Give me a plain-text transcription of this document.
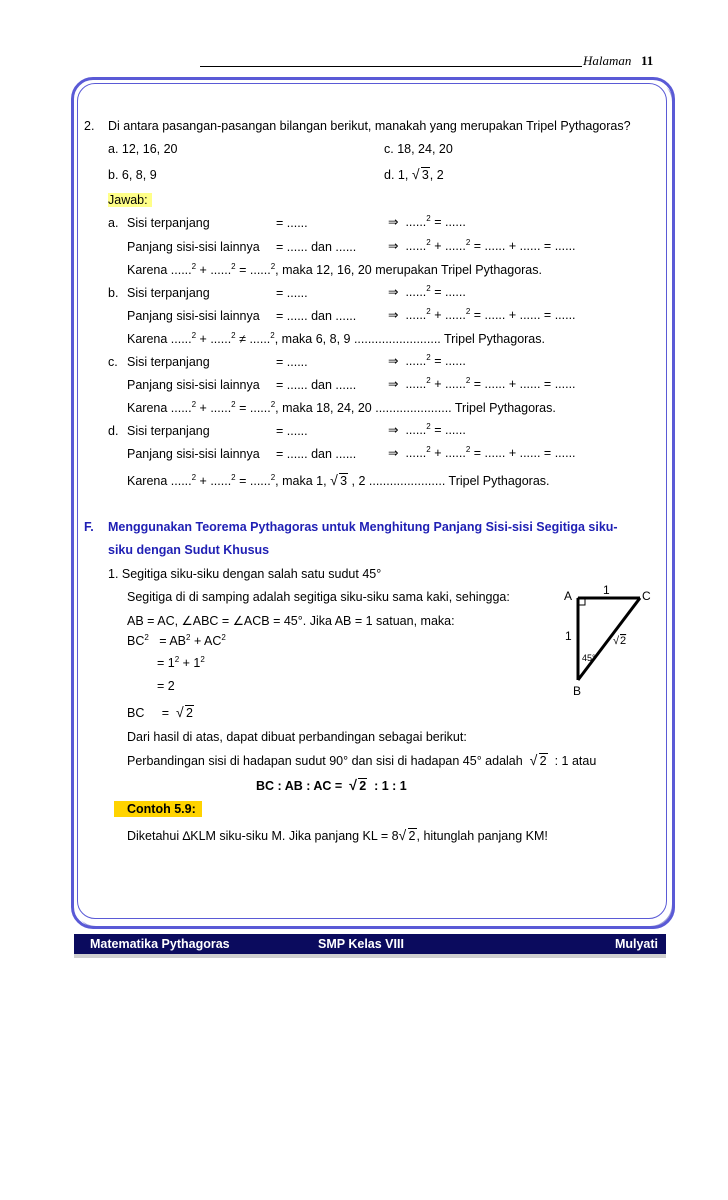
Halaman 11
2. Di antara pasangan-pasangan bilangan berikut, manakah yang merupakan Tripel Pythagoras?
a. 12, 16, 20	c. 18, 24, 20
b. 6, 8, 9	d. 1, √ 3, 2
Jawab:
a. Sisi terpanjang	= ......	⇒ ......$^2$ = ......
Panjang sisi-sisi lainnya = ...... dan ......	⇒ ......$^2$ + ......$^2$ = ...... + ...... = ......
Karena ......$^2$ + ......$^2$ = ......$^2$, maka 12, 16, 20 merupakan Tripel Pythagoras.
b. Sisi terpanjang	= ......	⇒ ......$^2$ = ......
Panjang sisi-sisi lainnya = ...... dan ......	⇒ ......$^2$ + ......$^2$ = ...... + ...... = ......
Karena ......$^2$ + ......$^2$ ≠ ......$^2$, maka 6, 8, 9 ......................... Tripel Pythagoras.
c. Sisi terpanjang	= ......	⇒ ......$^2$ = ......
Panjang sisi-sisi lainnya = ...... dan ......	⇒ ......$^2$ + ......$^2$ = ...... + ...... = ......
Karena ......$^2$ + ......$^2$ = ......$^2$, maka 18, 24, 20 ...................... Tripel Pythagoras.
d. Sisi terpanjang	= ......	⇒ ......$^2$ = ......
Panjang sisi-sisi lainnya = ...... dan ......	⇒ ......$^2$ + ......$^2$ = ...... + ...... = ......
Karena ......$^2$ + ......$^2$ = ......$^2$, maka 1, √ 3 , 2 ...................... Tripel Pythagoras.
F. Menggunakan Teorema Pythagoras untuk Menghitung Panjang Sisi-sisi Segitiga siku-
siku dengan Sudut Khusus
1. Segitiga siku-siku dengan salah satu sudut 45°
Segitiga di di samping adalah segitiga siku-siku sama kaki, sehingga:
AB = AC, ∠ABC = ∠ACB = 45°. Jika AB = 1 satuan, maka:
$BC^2 = AB^2 + AC^2$
= $1^2 + 1^2$
= 2
BC = √ 2
Dari hasil di atas, dapat dibuat perbandingan sebagai berikut:
Perbandingan sisi di hadapan sudut 90° dan sisi di hadapan 45° adalah √ 2 : 1 atau
BC : AB : AC = √ 2 : 1 : 1
Contoh 5.9:
Diketahui ∆KLM siku-siku M. Jika panjang KL = 8 √ 2, hitunglah panjang KM!
A	C
B
1
1
45°
√ 2
Matematika Pythagoras	SMP Kelas VIII	Mulyati
